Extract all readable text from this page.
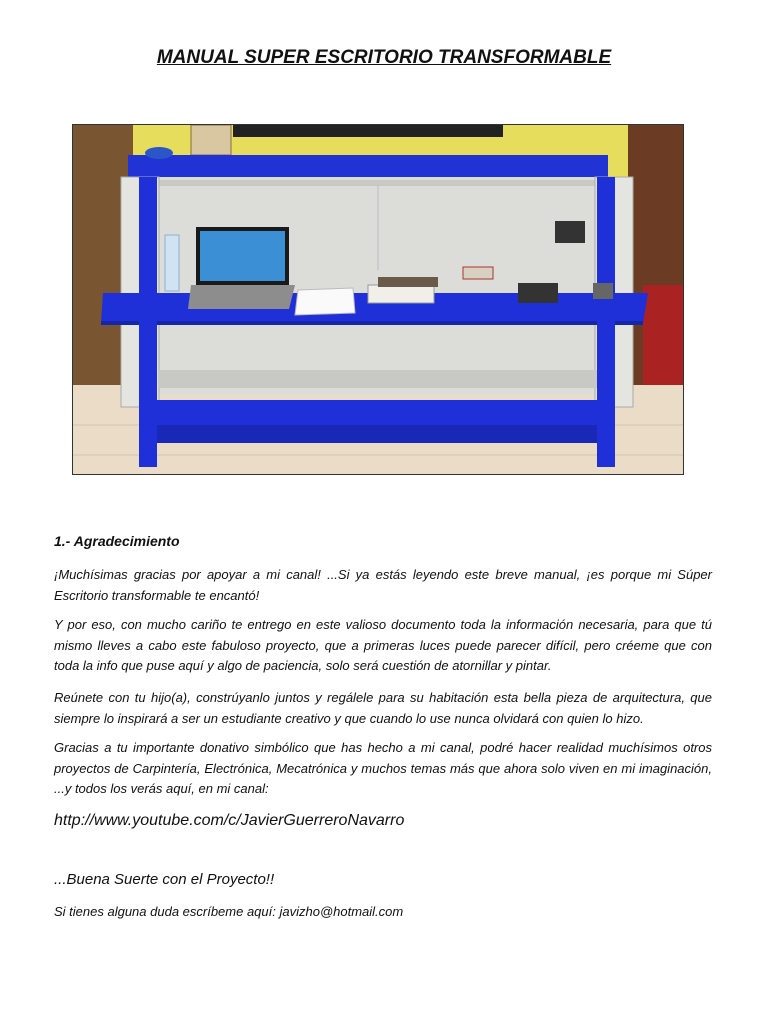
MANUAL SUPER ESCRITORIO TRANSFORMABLE
1.- Agradecimiento
¡Muchísimas gracias por apoyar a mi canal! ...Si ya estás leyendo este breve manual, ¡es porque mi Súper Escritorio transformable te encantó!
Y por eso, con mucho cariño te entrego en este valioso documento toda la información necesaria, para que tú mismo lleves a cabo este fabuloso proyecto, que a primeras luces puede parecer difícil, pero créeme que con toda la info que puse aquí y algo de paciencia, solo será cuestión de atornillar y pintar.
Reúnete con tu hijo(a), constrúyanlo juntos y regálele para su habitación esta bella pieza de arquitectura, que siempre lo inspirará a ser un estudiante creativo y que cuando lo use nunca olvidará con quien lo hizo.
Gracias a tu importante donativo simbólico que has hecho a mi canal, podré hacer realidad muchísimos otros proyectos de Carpintería, Electrónica, Mecatrónica y muchos temas más que ahora solo viven en mi imaginación, ...y todos los verás aquí, en mi canal:
http://www.youtube.com/c/JavierGuerreroNavarro
...Buena Suerte con el Proyecto!!
Si tienes alguna duda escríbeme aquí: javizho@hotmail.com
